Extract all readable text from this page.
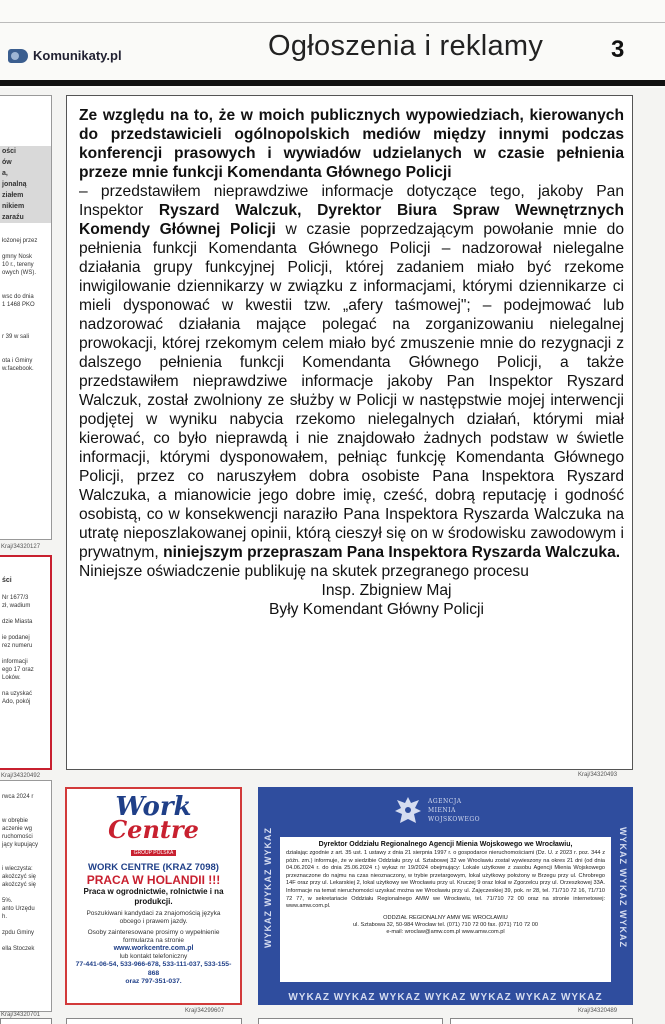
Komunikaty.pl	Ogłoszenia i reklamy	3
ości
ów
a,
jonalną
ziałem
nikiem
zaraźu
łożonej przez

gmny Nosk
10 r., tereny
owych (WS).

wsc do dnia
1 1468 PKO

r 39 w sali

ota i Gminy
w.facebook.
Kraj/34320127
ści

Nr 1677/3
zł, wadium

dzie Miasta

ie podanej
rez numeru

informacji
ego 17 oraz
Loków.

na uzyskać
Ado, pokój
Kraj/34320492
rwca 2024 r

w obrębie
aczenie wg
ruchomości
jący kupujący

i wieczysta:
akożczyć się
akożczyć się

5%.
anto Urzędu
h.

zpdu Gminy

ella Stoczek
Kraj/34320701

Ze względu na to, że w moich publicznych wypowiedziach, kierowanych do przedstawicieli ogólnopolskich mediów między innymi podczas konferencji prasowych i wywiadów udzielanych w czasie pełnienia przeze mnie funkcji Komendanta Głównego Policji

– przedstawiłem nieprawdziwe informacje dotyczące tego, jakoby Pan Inspektor Ryszard Walczuk, Dyrektor Biura Spraw Wewnętrznych Komendy Głównej Policji w czasie poprzedzającym powołanie mnie do pełnienia funkcji Komendanta Głównego Policji – nadzorował nielegalne działania grupy funkcyjnej Policji, której zadaniem miało być rzekome inwigilowanie dziennikarzy w związku z informacjami, którymi dziennikarze ci mieli dysponować w kwestii tzw. „afery taśmowej"; – podejmować lub nadzorować działania mające polegać na zorganizowaniu nielegalnej prowokacji, której rzekomym celem miało być zmuszenie mnie do rezygnacji z dalszego pełnienia funkcji Komendanta Głównego Policji, a także przedstawiłem nieprawdziwe informacje jakoby Pan Inspektor Ryszard Walczuk, został zwolniony ze służby w Policji w następstwie mojej interwencji podjętej w wyniku nabycia rzekomo nielegalnych działań, którymi miał kierować, co było nieprawdą i nie znajdowało żadnych podstaw w świetle informacji, którymi dysponowałem, pełniąc funkcję Komendanta Głównego Policji, przez co naruszyłem dobra osobiste Pana Inspektora Ryszard Walczuka, a mianowicie jego dobre imię, cześć, dobrą reputację i godność osobistą, co w konsekwencji naraziło Pana Inspektora Ryszarda Walczuka na utratę nieposzlakowanej opinii, którą cieszył się on w środowisku zawodowym i prywatnym, niniejszym przepraszam Pana Inspektora Ryszarda Walczuka.

Niniejsze oświadczenie publikuję na skutek przegranego procesu

Insp. Zbigniew Maj
Były Komendant Główny Policji
Kraj/34320493
Work
Centre
GROUP POLSKA
WORK CENTRE (KRAZ 7098)
PRACA W HOLANDII !!!
Praca w ogrodnictwie, rolnictwie i na produkcji.
Poszukiwani kandydaci za znajomością języka obcego i prawem jazdy.
Osoby zainteresowane prosimy o wypełnienie formularza na stronie
www.workcentre.com.pl
lub kontakt telefoniczny
77-441-06-54, 533-966-678, 533-111-037, 533-155-868
oraz 797-351-037.
Kraj/34299607
AGENCJA
MIENIA
WOJSKOWEGO
WYKAZ WYKAZ WYKAZ	WYKAZ WYKAZ WYKAZ
Dyrektor Oddziału Regionalnego Agencji Mienia Wojskowego we Wrocławiu,
działając zgodnie z art. 35 ust. 1 ustawy z dnia 21 sierpnia 1997 r. o gospodarce nieruchomościami (Dz. U. z 2023 r. poz. 344 z późn. zm.) informuje, że w siedzibie Oddziału przy ul. Sztabowej 32 we Wrocławiu został wywieszony na okres 21 dni (od dnia 04.06.2024 r. do dnia 25.06.2024 r.) wykaz nr 19/2024 obejmujący: Lokale użytkowe z zasobu Agencji Mienia Wojskowego przeznaczone do najmu na czas nieoznaczony, w trybie przetargowym, lokal użytkowy położony w Brzegu przy ul. Chrobrego 14F oraz przy ul. Lekarskiej 2, lokal użytkowy we Wrocławiu przy ul. Kruczej 9 oraz lokal w Zgorzelcu przy ul. Orzeszkowej 33A. Informacje na temat nieruchomości uzyskać można we Wrocławiu przy ul. Zajęczeskiej 39, pok. nr 28, tel. 71/710 72 16, 71/710 72 77, w sekretariacie Oddziału Regionalnego AMW we Wrocławiu, tel. 71/710 72 00 oraz na stronie internetowej: www.amw.com.pl.
ODDZIAŁ REGIONALNY AMW WE WROCŁAWIU
ul. Sztabowa 32, 50-984 Wrocław tel. (071) 710 72 00 fax. (071) 710 72 00
e-mail: wroclaw@amw.com.pl www.amw.com.pl
WYKAZ WYKAZ WYKAZ WYKAZ WYKAZ WYKAZ WYKAZ
Kraj/34320489
